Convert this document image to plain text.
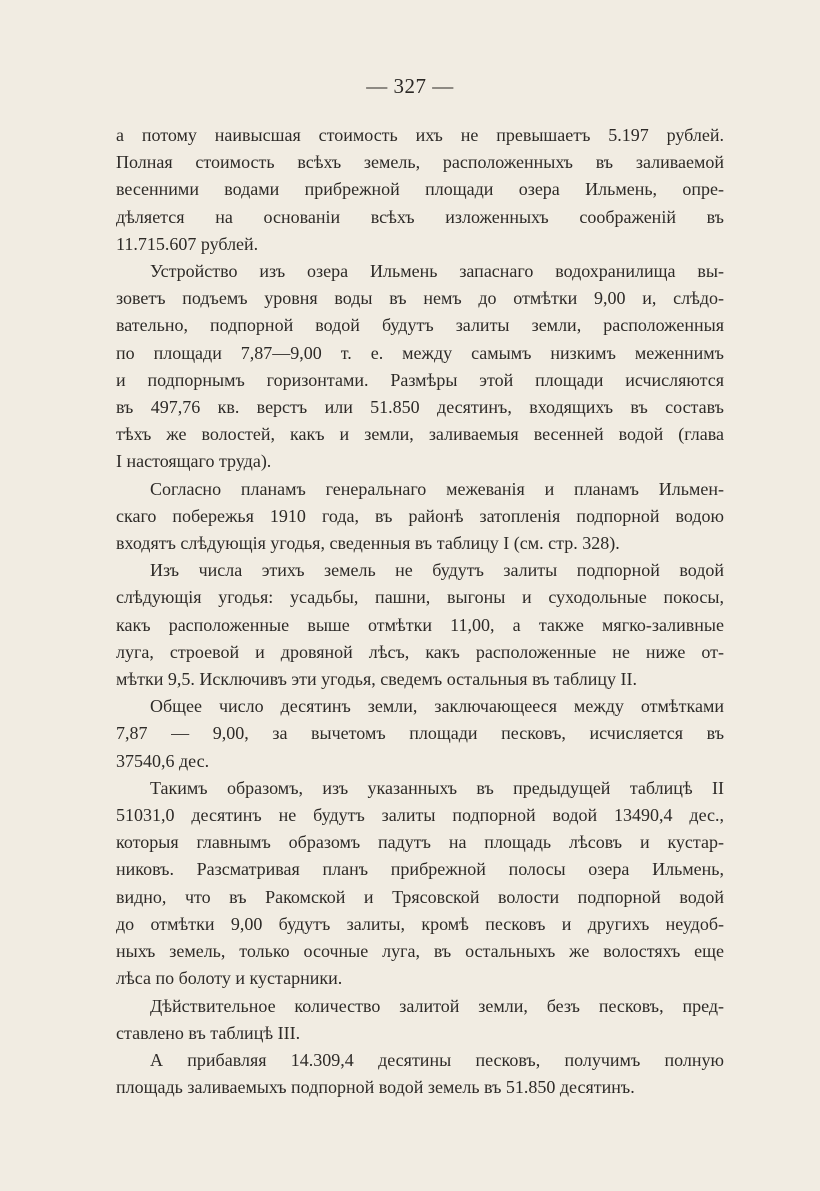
— 327 —
а потому наивысшая стоимость ихъ не превышаетъ 5.197 рублей.
Полная стоимость всѣхъ земель, расположенныхъ въ заливаемой
весенними водами прибрежной площади озера Ильмень, опре-
дѣляется на основаніи всѣхъ изложенныхъ соображеній въ
11.715.607 рублей.
Устройство изъ озера Ильмень запаснаго водохранилища вы-
зоветъ подъемъ уровня воды въ немъ до отмѣтки 9,00 и, слѣдо-
вательно, подпорной водой будутъ залиты земли, расположенныя
по площади 7,87—9,00 т. е. между самымъ низкимъ меженнимъ
и подпорнымъ горизонтами. Размѣры этой площади исчисляются
въ 497,76 кв. верстъ или 51.850 десятинъ, входящихъ въ составъ
тѣхъ же волостей, какъ и земли, заливаемыя весенней водой (глава
I настоящаго труда).
Согласно планамъ генеральнаго межеванія и планамъ Ильмен-
скаго побережья 1910 года, въ районѣ затопленія подпорной водою
входятъ слѣдующія угодья, сведенныя въ таблицу I (см. стр. 328).
Изъ числа этихъ земель не будутъ залиты подпорной водой
слѣдующія угодья: усадьбы, пашни, выгоны и суходольные покосы,
какъ расположенные выше отмѣтки 11,00, а также мягко-заливные
луга, строевой и дровяной лѣсъ, какъ расположенные не ниже от-
мѣтки 9,5. Исключивъ эти угодья, сведемъ остальныя въ таблицу II.
Общее число десятинъ земли, заключающееся между отмѣтками
7,87 — 9,00, за вычетомъ площади песковъ, исчисляется въ
37540,6 дес.
Такимъ образомъ, изъ указанныхъ въ предыдущей таблицѣ II
51031,0 десятинъ не будутъ залиты подпорной водой 13490,4 дес.,
которыя главнымъ образомъ падутъ на площадь лѣсовъ и кустар-
никовъ. Разсматривая планъ прибрежной полосы озера Ильмень,
видно, что въ Ракомской и Трясовской волости подпорной водой
до отмѣтки 9,00 будутъ залиты, кромѣ песковъ и другихъ неудоб-
ныхъ земель, только осочные луга, въ остальныхъ же волостяхъ еще
лѣса по болоту и кустарники.
Дѣйствительное количество залитой земли, безъ песковъ, пред-
ставлено въ таблицѣ III.
А прибавляя 14.309,4 десятины песковъ, получимъ полную
площадь заливаемыхъ подпорной водой земель въ 51.850 десятинъ.
